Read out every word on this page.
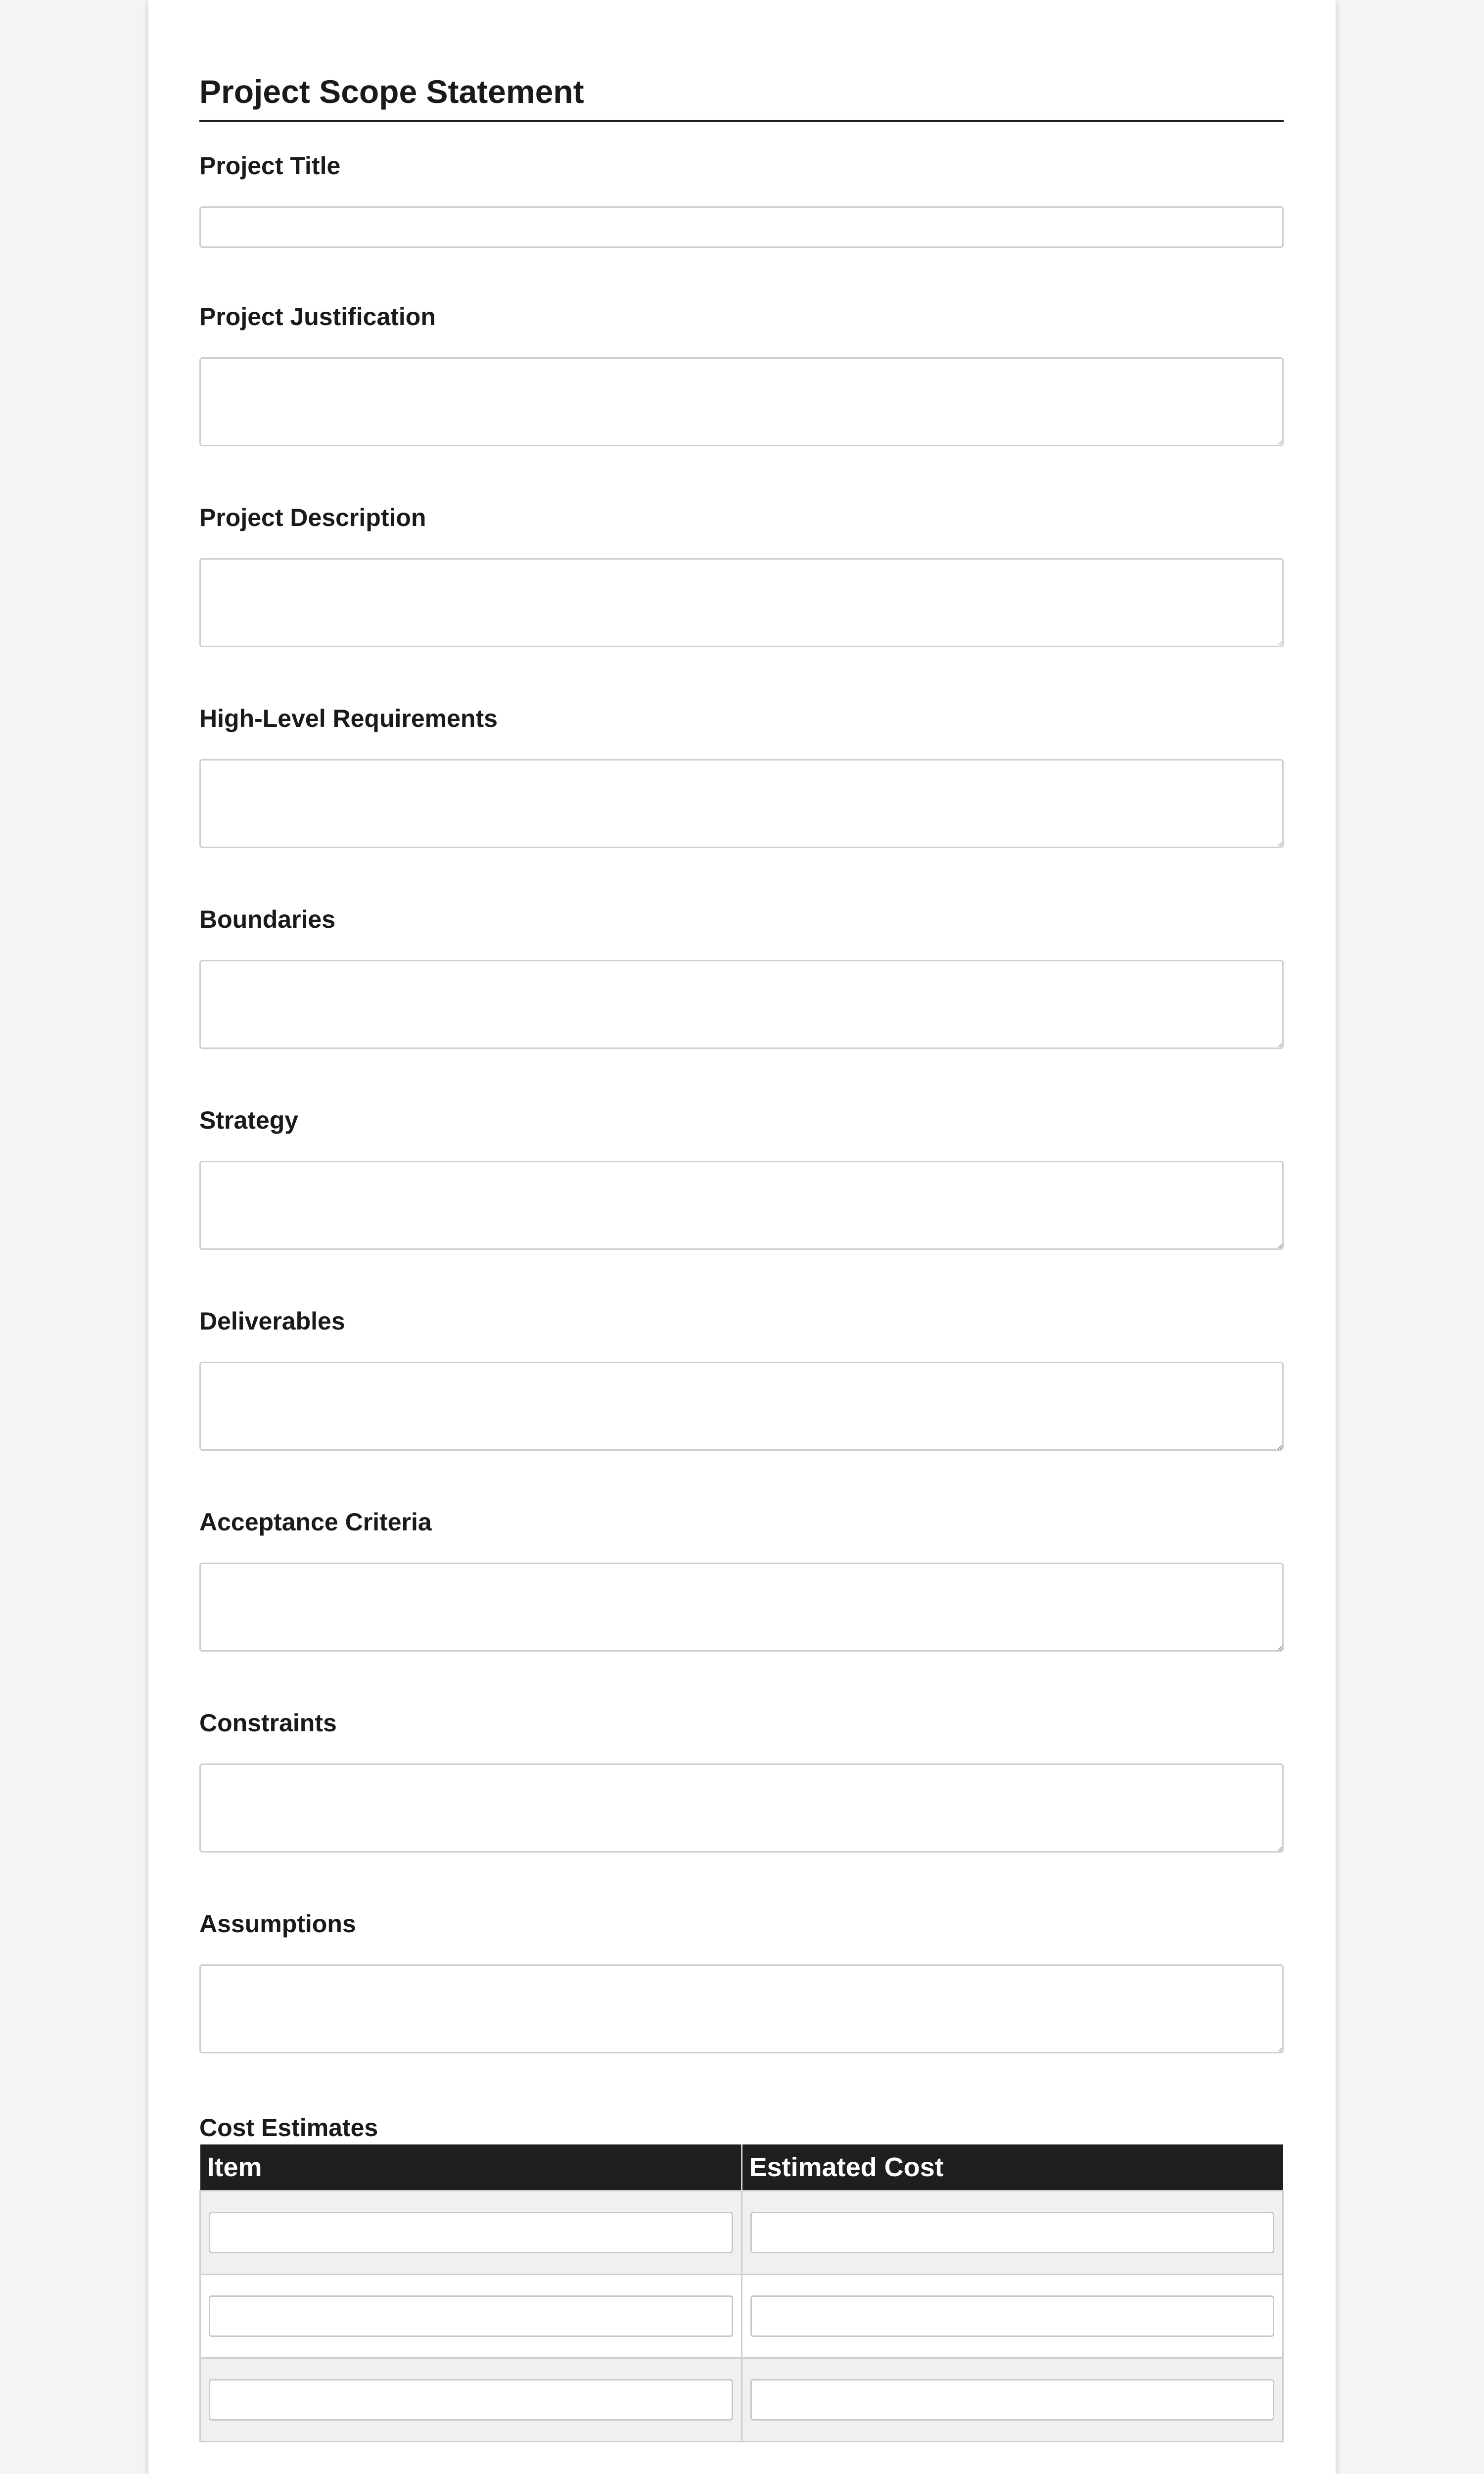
Project Scope Statement
Project Title
Project Justification
Project Description
High-Level Requirements
Boundaries
Strategy
Deliverables
Acceptance Criteria
Constraints
Assumptions
Cost Estimates
Item	Estimated Cost
